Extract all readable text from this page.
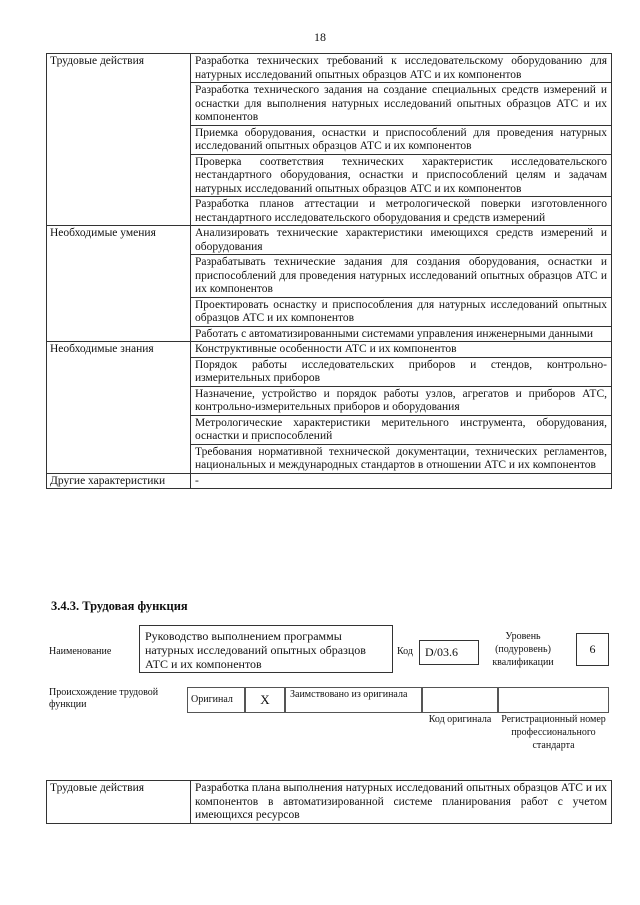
18
Трудовые действия	Разработка технических требований к исследовательскому оборудованию для натурных исследований опытных образцов АТС и их компонентов
	Разработка технического задания на создание специальных средств измерений и оснастки для выполнения натурных исследований опытных образцов АТС и их компонентов
	Приемка оборудования, оснастки и приспособлений для проведения натурных исследований опытных образцов АТС и их компонентов
	Проверка соответствия технических характеристик исследовательского нестандартного оборудования, оснастки и приспособлений целям и задачам натурных исследований опытных образцов АТС и их компонентов
	Разработка планов аттестации и метрологической поверки изготовленного нестандартного исследовательского оборудования и средств измерений
Необходимые умения	Анализировать технические характеристики имеющихся средств измерений и оборудования
	Разрабатывать технические задания для создания оборудования, оснастки и приспособлений для проведения натурных исследований опытных образцов АТС и их компонентов
	Проектировать оснастку и приспособления для натурных исследований опытных образцов АТС и их компонентов
	Работать с автоматизированными системами управления инженерными данными
Необходимые знания	Конструктивные особенности АТС и их компонентов
	Порядок работы исследовательских приборов и стендов, контрольно-измерительных приборов
	Назначение, устройство и порядок работы узлов, агрегатов и приборов АТС, контрольно-измерительных приборов и оборудования
	Метрологические характеристики мерительного инструмента, оборудования, оснастки и приспособлений
	Требования нормативной технической документации, технических регламентов, национальных и международных стандартов в отношении АТС и их компонентов
Другие характеристики	-
3.4.3. Трудовая функция
Наименование
Руководство выполнением программы натурных исследований опытных образцов АТС и их компонентов
Код	D/03.6
Уровень (подуровень) квалификации
6
Происхождение трудовой функции	Оригинал	X	Заимствовано из оригинала
Код оригинала Регистрационный номер профессионального стандарта
Трудовые действия	Разработка плана выполнения натурных исследований опытных образцов АТС и их компонентов в автоматизированной системе планирования работ с учетом имеющихся ресурсов
